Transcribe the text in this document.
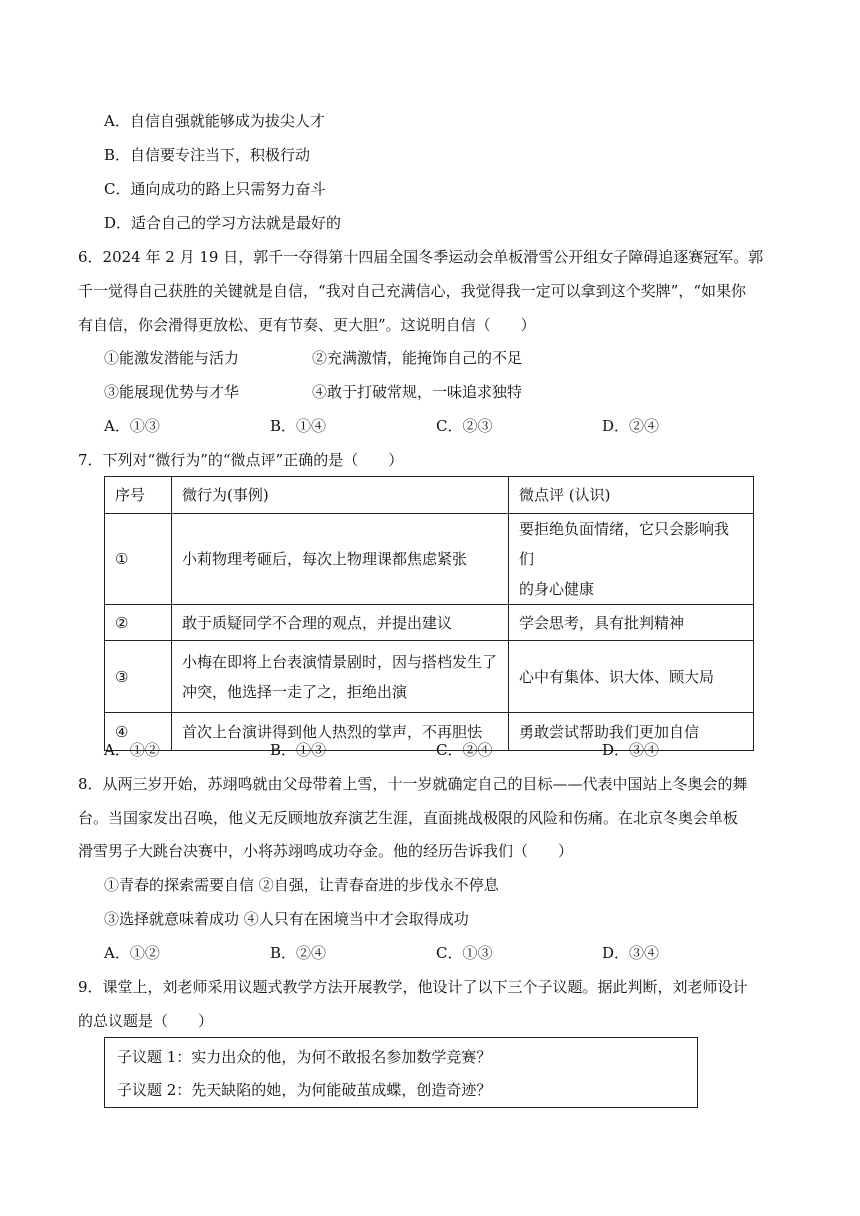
A．自信自强就能够成为拔尖人才
B．自信要专注当下，积极行动
C．通向成功的路上只需努力奋斗
D．适合自己的学习方法就是最好的
6．2024 年 2 月 19 日，郭千一夺得第十四届全国冬季运动会单板滑雪公开组女子障碍追逐赛冠军。郭
千一觉得自己获胜的关键就是自信，“我对自己充满信心，我觉得我一定可以拿到这个奖牌”，“如果你
有自信，你会滑得更放松、更有节奏、更大胆”。这说明自信（　　）
①能激发潜能与活力	②充满激情，能掩饰自己的不足
③能展现优势与才华	④敢于打破常规，一味追求独特
A．①③	B．①④	C．②③	D．②④
7．下列对“微行为”的“微点评”正确的是（　　）
序号	微行为(事例)	微点评 (认识)
①	小莉物理考砸后，每次上物理课都焦虑紧张	要拒绝负面情绪，它只会影响我们
的身心健康

②	敢于质疑同学不合理的观点，并提出建议	学会思考，具有批判精神
③	小梅在即将上台表演情景剧时，因与搭档发生了
冲突，他选择一走了之，拒绝出演	心中有集体、识大体、顾大局
④	首次上台演讲得到他人热烈的掌声，不再胆怯	勇敢尝试帮助我们更加自信
A．①②	B．①③	C．②④	D．③④
8．从两三岁开始，苏翊鸣就由父母带着上雪，十一岁就确定自己的目标——代表中国站上冬奥会的舞
台。当国家发出召唤，他义无反顾地放弃演艺生涯，直面挑战极限的风险和伤痛。在北京冬奥会单板
滑雪男子大跳台决赛中，小将苏翊鸣成功夺金。他的经历告诉我们（　　）
①青春的探索需要自信 ②自强，让青春奋进的步伐永不停息
③选择就意味着成功 ④人只有在困境当中才会取得成功
A．①②	B．②④	C．①③	D．③④
9．课堂上，刘老师采用议题式教学方法开展教学，他设计了以下三个子议题。据此判断，刘老师设计
的总议题是（　　）
子议题 1：实力出众的他，为何不敢报名参加数学竞赛？
子议题 2：先天缺陷的她，为何能破茧成蝶，创造奇迹？
